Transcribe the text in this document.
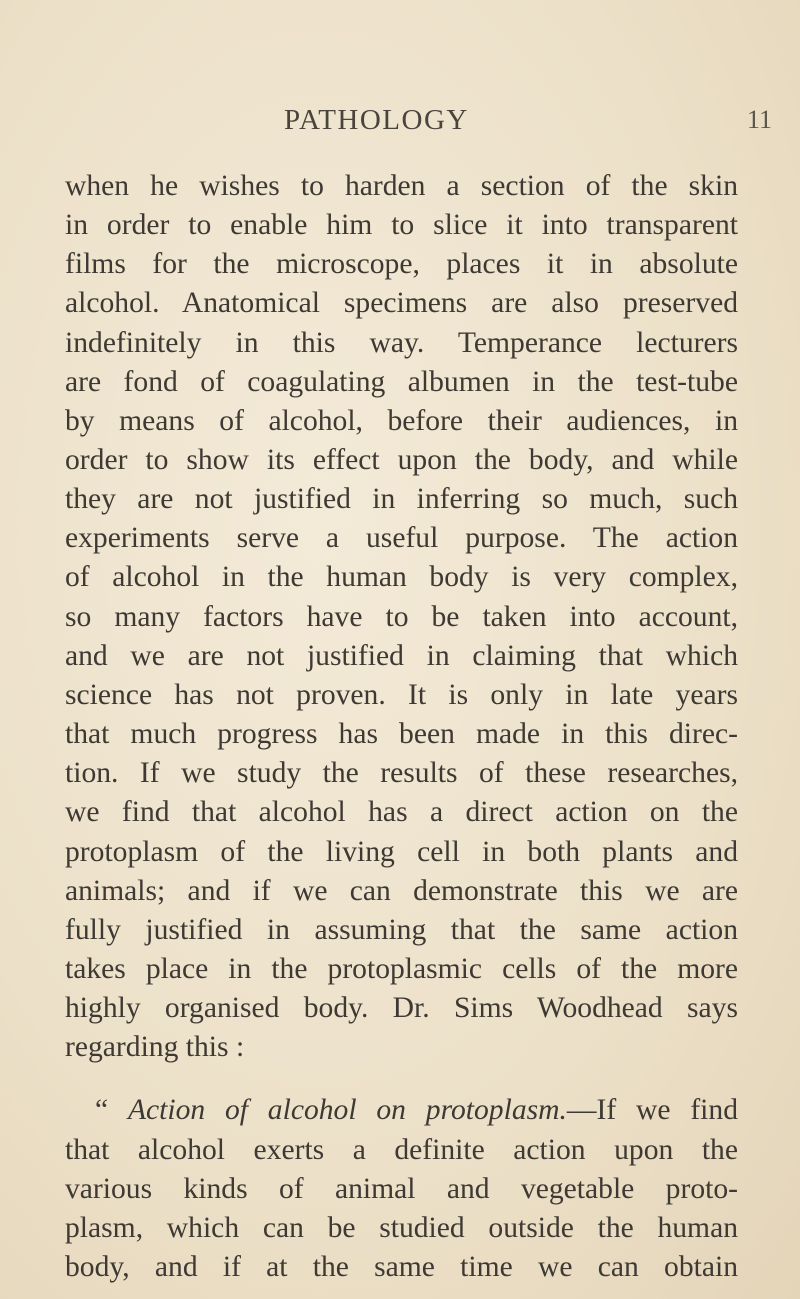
PATHOLOGY	11
when he wishes to harden a section of the skin
in order to enable him to slice it into transparent
films for the microscope, places it in absolute
alcohol. Anatomical specimens are also preserved
indefinitely in this way. Temperance lecturers
are fond of coagulating albumen in the test-tube
by means of alcohol, before their audiences, in
order to show its effect upon the body, and while
they are not justified in inferring so much, such
experiments serve a useful purpose. The action
of alcohol in the human body is very complex,
so many factors have to be taken into account,
and we are not justified in claiming that which
science has not proven. It is only in late years
that much progress has been made in this direc-
tion. If we study the results of these researches,
we find that alcohol has a direct action on the
protoplasm of the living cell in both plants and
animals; and if we can demonstrate this we are
fully justified in assuming that the same action
takes place in the protoplasmic cells of the more
highly organised body. Dr. Sims Woodhead says
regarding this :
“ Action of alcohol on protoplasm.—If we find
that alcohol exerts a definite action upon the
various kinds of animal and vegetable proto-
plasm, which can be studied outside the human
body, and if at the same time we can obtain
